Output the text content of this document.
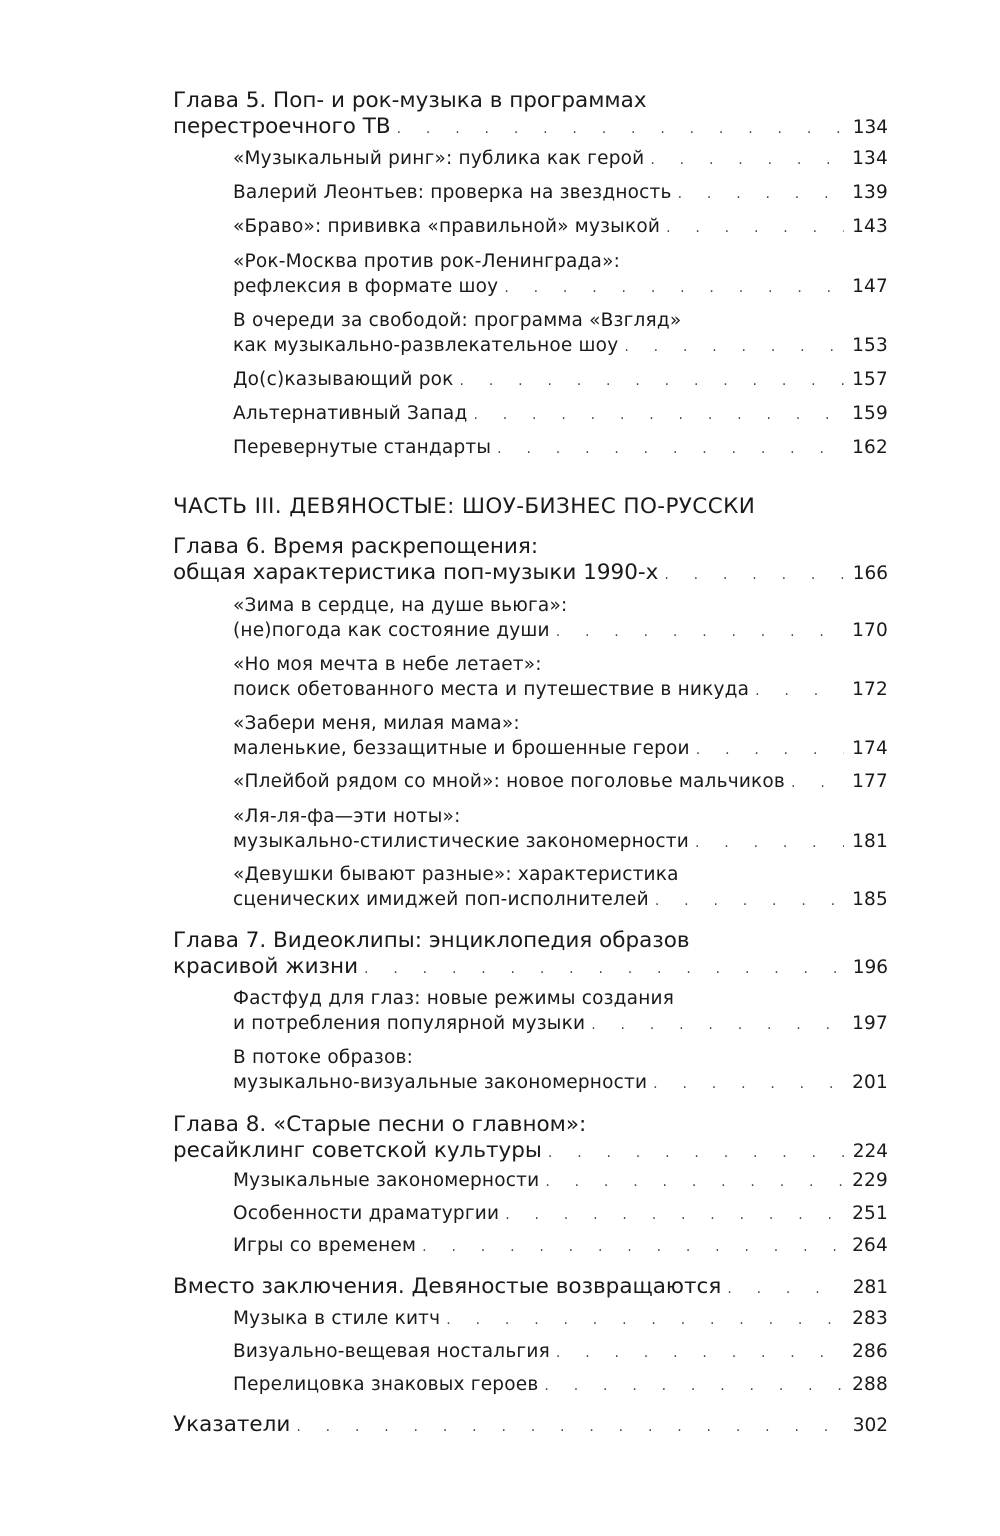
Глава 5. Поп- и рок-музыка в программах
перестроечного ТВ . . .	134
«Музыкальный ринг»: публика как герой . . .	134
Валерий Леонтьев: проверка на звездность . . .	139
«Браво»: прививка «правильной» музыкой . . .	143
«Рок-Москва против рок-Ленинграда»:
рефлексия в формате шоу . . .	147
В очереди за свободой: программа «Взгляд»
как музыкально-развлекательное шоу . . .	153
До(с)казывающий рок . . .	157
Альтернативный Запад . . .	159
Перевернутые стандарты . . .	162
ЧАСТЬ III. ДЕВЯНОСТЫЕ: ШОУ-БИЗНЕС ПО-РУССКИ
Глава 6. Время раскрепощения:
общая характеристика поп-музыки 1990-х . . .	166
«Зима в сердце, на душе вьюга»:
(не)погода как состояние души . . .	170
«Но моя мечта в небе летает»:
поиск обетованного места и путешествие в никуда . . .	172
«Забери меня, милая мама»:
маленькие, беззащитные и брошенные герои . . .	174
«Плейбой рядом со мной»: новое поголовье мальчиков . . .	177
«Ля-ля-фа—эти ноты»:
музыкально-стилистические закономерности . . .	181
«Девушки бывают разные»: характеристика
сценических имиджей поп-исполнителей . . .	185
Глава 7. Видеоклипы: энциклопедия образов
красивой жизни . . .	196
Фастфуд для глаз: новые режимы создания
и потребления популярной музыки . . .	197
В потоке образов:
музыкально-визуальные закономерности . . .	201
Глава 8. «Старые песни о главном»:
ресайклинг советской культуры . . .	224
Музыкальные закономерности . . .	229
Особенности драматургии . . .	251
Игры со временем . . .	264
Вместо заключения. Девяностые возвращаются . . .	281
Музыка в стиле китч . . .	283
Визуально-вещевая ностальгия . . .	286
Перелицовка знаковых героев . . .	288
Указатели . . .	302
